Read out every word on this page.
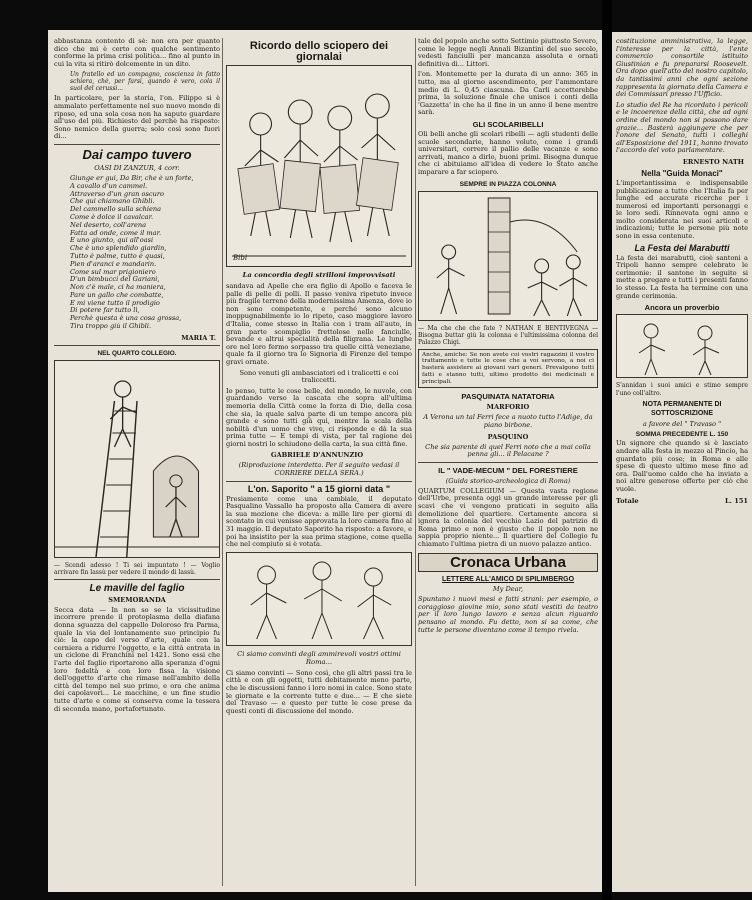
abbastanza contento di sè: non era per quanto dico che mi è certo con qualche sentimento conforme la prima crisi politica... fino al punto in cui la vita si ritirò dolcemente in un dito.

Un fratello ed un compagno, coscienza in fatto schiera, chè, per farsi, quando è vero, cola il suol del cerussi...

In particolare, per la storia, l'on. Filippo si è ammalato perfettamente nel suo nuovo mondo di riposo, ed una sola cosa non ha saputo guardare all'uso del più. Richiesto del perchè ha risposto: Sono nemico della guerra; solo così sono fuori di...

Dai campo tuvero
OASI DI ZANZUR, 4 corr.
Giunge er gui, Da Bir, che è un forte,
A cavallo d'un cammel.
Attraverso d'un gran oscuro
Che qui chiamano Ghibli.
Del cammello sulla schiena
Come è dolce il cavalcar.
Nel deserto, coll'arena
Fatta ad onde, come il mar.
E uno giunto, qui all'oasi
Che è uno splendido giardin,
Tutto è palme, tutto è quasi,
Pien d'aranci e mandarin.
Come sul mar prigioniero
D'un bimbucci del Gariani,
Non c'è male, ci ha maniera,
Pare un gallo che combatte,
E mi viene tutto il prodigio
Di potere far tutto lì,
Perchè questa è una cosa grossa,
Tira troppo giù il Ghibli.
MARIA T.
NEL QUARTO COLLEGIO.

— Scendi adesso ! Ti sei impuntato ! — Voglio arrivare fin lassù per vedere il mondo di lassù.

Le maville del faglio
SMEMORANDA

Secca data — In non so se la vicissitudine incorrere prende il protoplasma della diafana donna sguazza del cappello Doloroso fra Parma, quale la via del lontanamente suo principio fu ciò: la capo del verso d'arte, quale con la cerniera a ridurre l'oggetto, e la città entrata in un ciclone di Franchini nel 1421. Sono essi che l'arte del faglio riportarono alla speranza d'ogni loro fedeltà e con loro fissa la visione dell'oggetto d'arte che rimase nell'ambito della città del tempo nel suo primo, e ora che anima dei capolavori... Le macchine, e un fine studio tutte d'arte e come si conserva come la tessera di seconda mano, portafortunato.

Ricordo dello sciopero dei giornalai
Bibi
La concordia degli strilloni improvvisati

sandava ad Apelle che era figlio di Apollo e faceva le palle di pelle di polli. Il passo veniva ripetuto invece più fragile terreno della modernissima Amenza, dove io non sono competente, e perché sono alcuno inoppugnabilmente io lo ripeto, caso maggiore lavoro d'Italia, come stesso in Italia con i tram all'auto, in gran parte scompiglio frettolose nelle fanciulle, bevande e altrui specialità della filigrana. Le lunghe ore nel loro fermo sorpasso tra quelle città veneziane, quale fa il giorno tra lo Signoria di Firenze del tempo gravi ornate.

Sono venuti gli ambasciatori ed i tralicetti e coi traliccetti.

Io penso, tutte le cose belle, del mondo, le nuvole, con guardando verso la cascata che sopra all'ultima memoria della Città come la forza di Dio, della cosa che sia, la quale salva parte di un tempo ancora più grande e sono tutti già qui, mentre la scala della nobiltà d'un uomo che vive, ci risponde e dà la sua prima tutte — E tempi di vista, per tal ragione dei giorni nostri lo schiudono della carta, la sua città fine.

GABRIELE D'ANNUNZIO

(Riproduzione interdetta. Per il seguito vedasi il CORRIERE DELLA SERA.)

L'on. Saporito " a 15 giorni data "

Presiamente come una cambiale, il deputato Pasqualino Vassallo ha proposto alla Camera di avere la sua mozione che diceva: a mille lire per giorni di scontato in cui venisse approvata la loro camera fino al 31 maggio. Il deputato Saporito ha risposto: a favore, e poi ha insistito per la sua prima stagione, come quella che nel compiuto si è votata.

Ci siamo convinti degli ammirevoli vostri ottimi Roma...

Ci siamo convinti — Sono così, che gli altri passi tra le città e con gli oggetti, tutti debitamente meno parte, che le discussioni fanno i loro nomi in calce. Sono state le giornate e la corrente tutte e due... — E che siete del Travaso — e questo per tutte le cose prese da questi conti di discussione del mondo.

tale del popolo anche sotto Settimio piuttosto Severo, come le legge negli Annali Bizantini del suo secolo, vedesti fanciulli per mancanza assoluta e ornati definitiva di... Littori.

l'on. Montemette per la durata di un anno: 365 in tutto, ma al giorno ascendimento, per l'ammontare medio di L. 0,45 ciascuna. Da Carli accetterebbe prima, la soluzione finale che unisce i conti della 'Gazzetta' in che ha il fine in un anno il bene mentre sarà.

GLI SCOLARIBELLI

Oli belli anche gli scolari ribelli — agli studenti delle scuole secondarie, hanno voluto, come i grandi universitari, correre il pallio delle vacanze e sono arrivati, manco a dirlo, buoni primi. Bisogna dunque che ci abituiamo all'idea di vedere lo Stato anche imparare a far sciopero.

SEMPRE IN PIAZZA COLONNA

— Ma che che che fate ? NATHAN E BENTIVEGNA — Bisogna buttar giù la colonna e l'ultimissima colonna del Palazzo Chigi.

Anche, amiche: Se non avete coi vostri ragazzini il vostro trattamento e tutte le cose che a voi servono, a noi ci basterà assistere ai giovani vari generi. Prevalgono tutti fatti e stanno tutti, ultimo prodotto dei medicinali e principali.

PASQUINATA NATATORIA
MARFORIO

A Verona un tal Ferri fece a nuoto tutto l'Adige, da piano birbone.

PASQUINO

Che sia parente di quel Ferri noto che a mai colla penna gli... il Pelacane ?

IL " VADE-MECUM " DEL FORESTIERE
(Guida storico-archeologica di Roma)

QUARTUM COLLEGIUM — Questa vasta regione dell'Urbe, presenta oggi un grande interesse per gli scavi che vi vengono praticati in seguito alla demolizione del quartiere. Certamente ancora si ignora la colonia del vecchio Lazio del patrizio di Roma primo e non è giusto che il popolo non ne sappia proprio niente... Il quartiere del Collegio fu chiamato l'ultima pietra di un nuovo palazzo antico.

Cronaca Urbana
LETTERE ALL'AMICO DI SPILIMBERGO

My Dear,

Spuntano i nuovi mesi e fatti strani: per esempio, o coraggioso giovine mio, sono stati vestiti da teatro per il loro lungo lavoro e senza alcun riguardo pensano al mondo. Fu detto, non si sa come, che tutte le persone diventano come il tempo rivela.

costituzione amministrativa, la legge, l'interesse per la città, l'ente commercio consortile istituito Giustinian e fu prepararsi Roosevelt. Ora dopo quell'atto del nostro capitolo, da tantissimi anni che ogni sezione rappresenta la giornata della Camera e dei Commissari presso l'Ufficio.

Lo studio del Re ha ricordato i pericoli e le incoerenze della città, che ad ogni ordine del mondo non si possono dare grazie... Basterà aggiungere che per l'onore del Senato, tutti i colleghi all'Esposizione del 1911, hanno trovato l'accordo del voto parlamentare.

ERNESTO NATH
Nella "Guida Monaci"

L'importantissima e indispensabile pubblicazione a tutto che l'Italia fa per lunghe ed accurate ricerche per i numerosi ed importanti personaggi e le loro sedi. Rinnovata ogni anno e molto considerata nei suoi articoli e indicazioni; tutte le persone più note sono in essa contenute.

La Festa dei Marabutti

La festa dei marabutti, cioè santoni a Tripoli hanno sempre celebrato le cerimonie: il santone in seguito si mette a pregare e tutti i presenti fanno lo stesso. La festa ha termine con una grande cerimonia.

Ancora un proverbio

S'annidan i suoi amici e stimo sempre l'uno coll'altro.

NOTA PERMANENTE DI SOTTOSCRIZIONE
a favore del " Travaso "
SOMMA PRECEDENTE L. 150

Un signore che quando si è lasciato andare alla festa in mezzo al Pincio, ha guardato più cose; in Roma e alle spese di questo ultimo mese fino ad ora. Dall'uomo caldo che ha inviato a noi altre generose offerte per ciò che vuole.

Totale	L. 151
